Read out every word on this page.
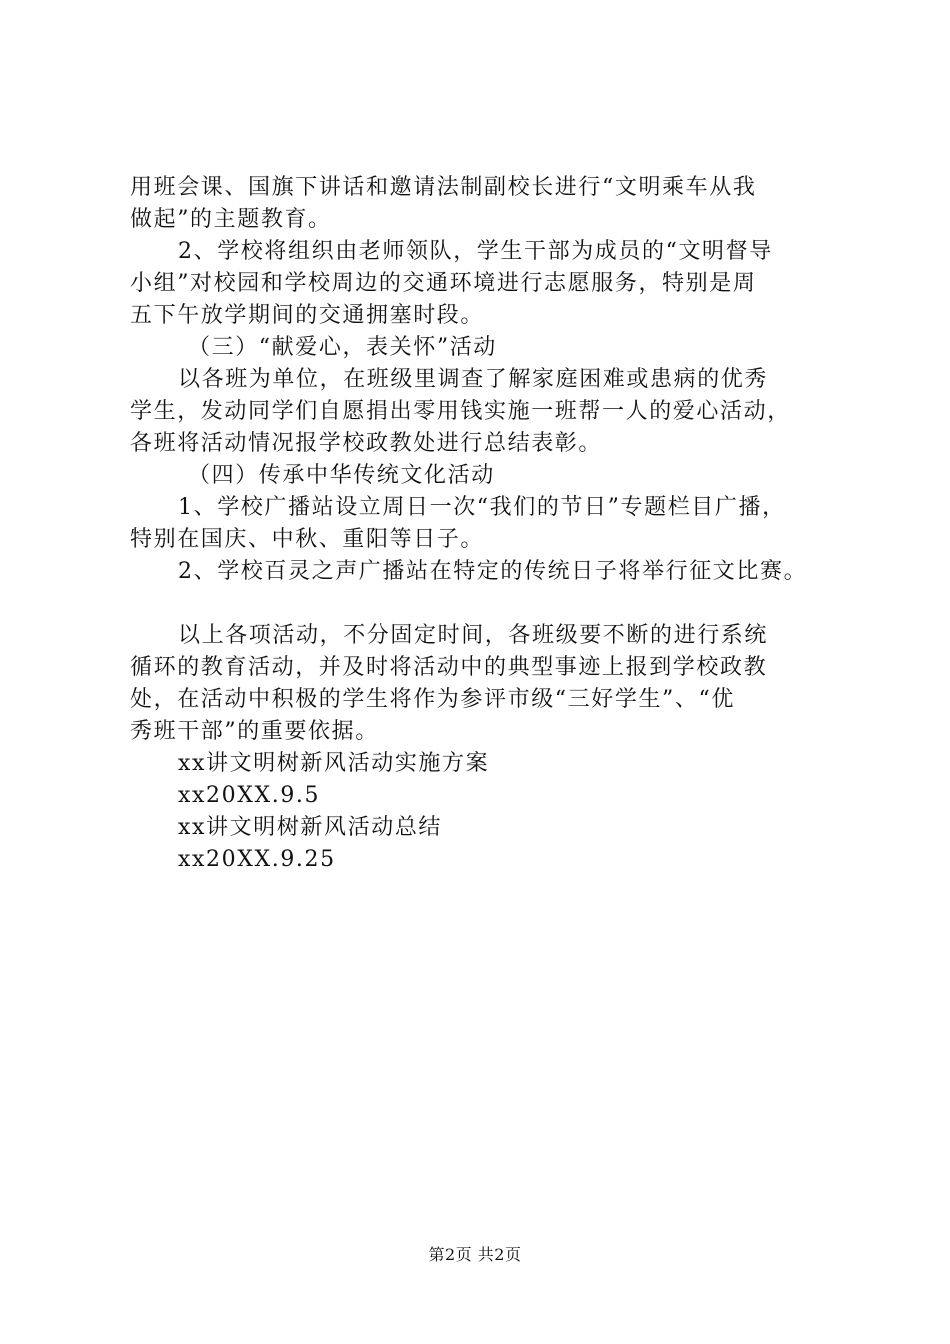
用班会课、国旗下讲话和邀请法制副校长进行“文明乘车从我
做起”的主题教育。
2、学校将组织由老师领队，学生干部为成员的“文明督导
小组”对校园和学校周边的交通环境进行志愿服务，特别是周
五下午放学期间的交通拥塞时段。
（三）“献爱心，表关怀”活动
以各班为单位，在班级里调查了解家庭困难或患病的优秀
学生，发动同学们自愿捐出零用钱实施一班帮一人的爱心活动，
各班将活动情况报学校政教处进行总结表彰。
（四）传承中华传统文化活动
1、学校广播站设立周日一次“我们的节日”专题栏目广播，
特别在国庆、中秋、重阳等日子。
2、学校百灵之声广播站在特定的传统日子将举行征文比赛。
以上各项活动，不分固定时间，各班级要不断的进行系统
循环的教育活动，并及时将活动中的典型事迹上报到学校政教
处，在活动中积极的学生将作为参评市级“三好学生”、“优
秀班干部”的重要依据。
xx讲文明树新风活动实施方案
xx20XX.9.5
xx讲文明树新风活动总结
xx20XX.9.25
第2页 共2页
